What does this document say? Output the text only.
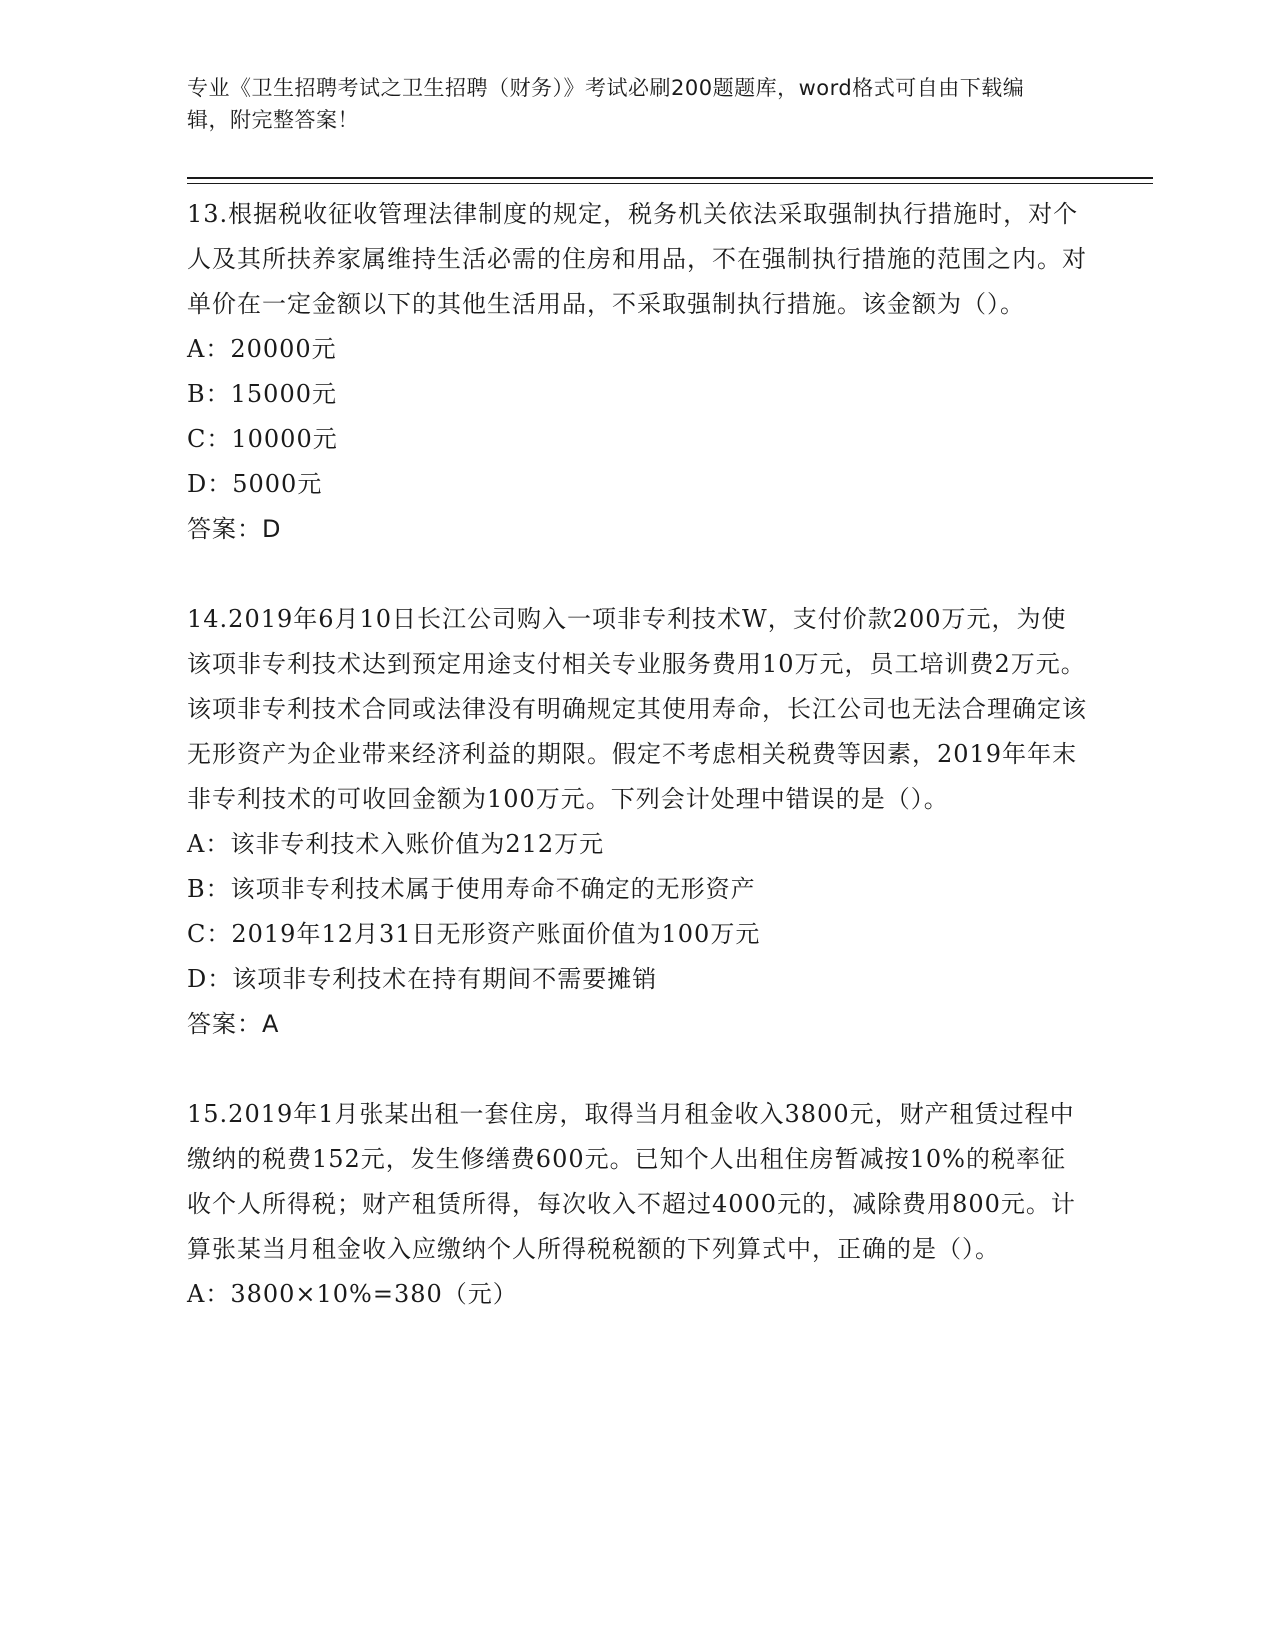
专业《卫生招聘考试之卫生招聘（财务）》考试必刷200题题库，word格式可自由下载编辑，附完整答案！

13.根据税收征收管理法律制度的规定，税务机关依法采取强制执行措施时，对个人及其所扶养家属维持生活必需的住房和用品，不在强制执行措施的范围之内。对单价在一定金额以下的其他生活用品，不采取强制执行措施。该金额为（）。

A：20000元

B：15000元

C：10000元

D：5000元

答案：D

14.2019年6月10日长江公司购入一项非专利技术W，支付价款200万元，为使该项非专利技术达到预定用途支付相关专业服务费用10万元，员工培训费2万元。该项非专利技术合同或法律没有明确规定其使用寿命，长江公司也无法合理确定该无形资产为企业带来经济利益的期限。假定不考虑相关税费等因素，2019年年末非专利技术的可收回金额为100万元。下列会计处理中错误的是（）。

A：该非专利技术入账价值为212万元

B：该项非专利技术属于使用寿命不确定的无形资产

C：2019年12月31日无形资产账面价值为100万元

D：该项非专利技术在持有期间不需要摊销

答案：A

15.2019年1月张某出租一套住房，取得当月租金收入3800元，财产租赁过程中缴纳的税费152元，发生修缮费600元。已知个人出租住房暂减按10%的税率征收个人所得税；财产租赁所得，每次收入不超过4000元的，减除费用800元。计算张某当月租金收入应缴纳个人所得税税额的下列算式中，正确的是（）。

A：3800×10%=380（元）
